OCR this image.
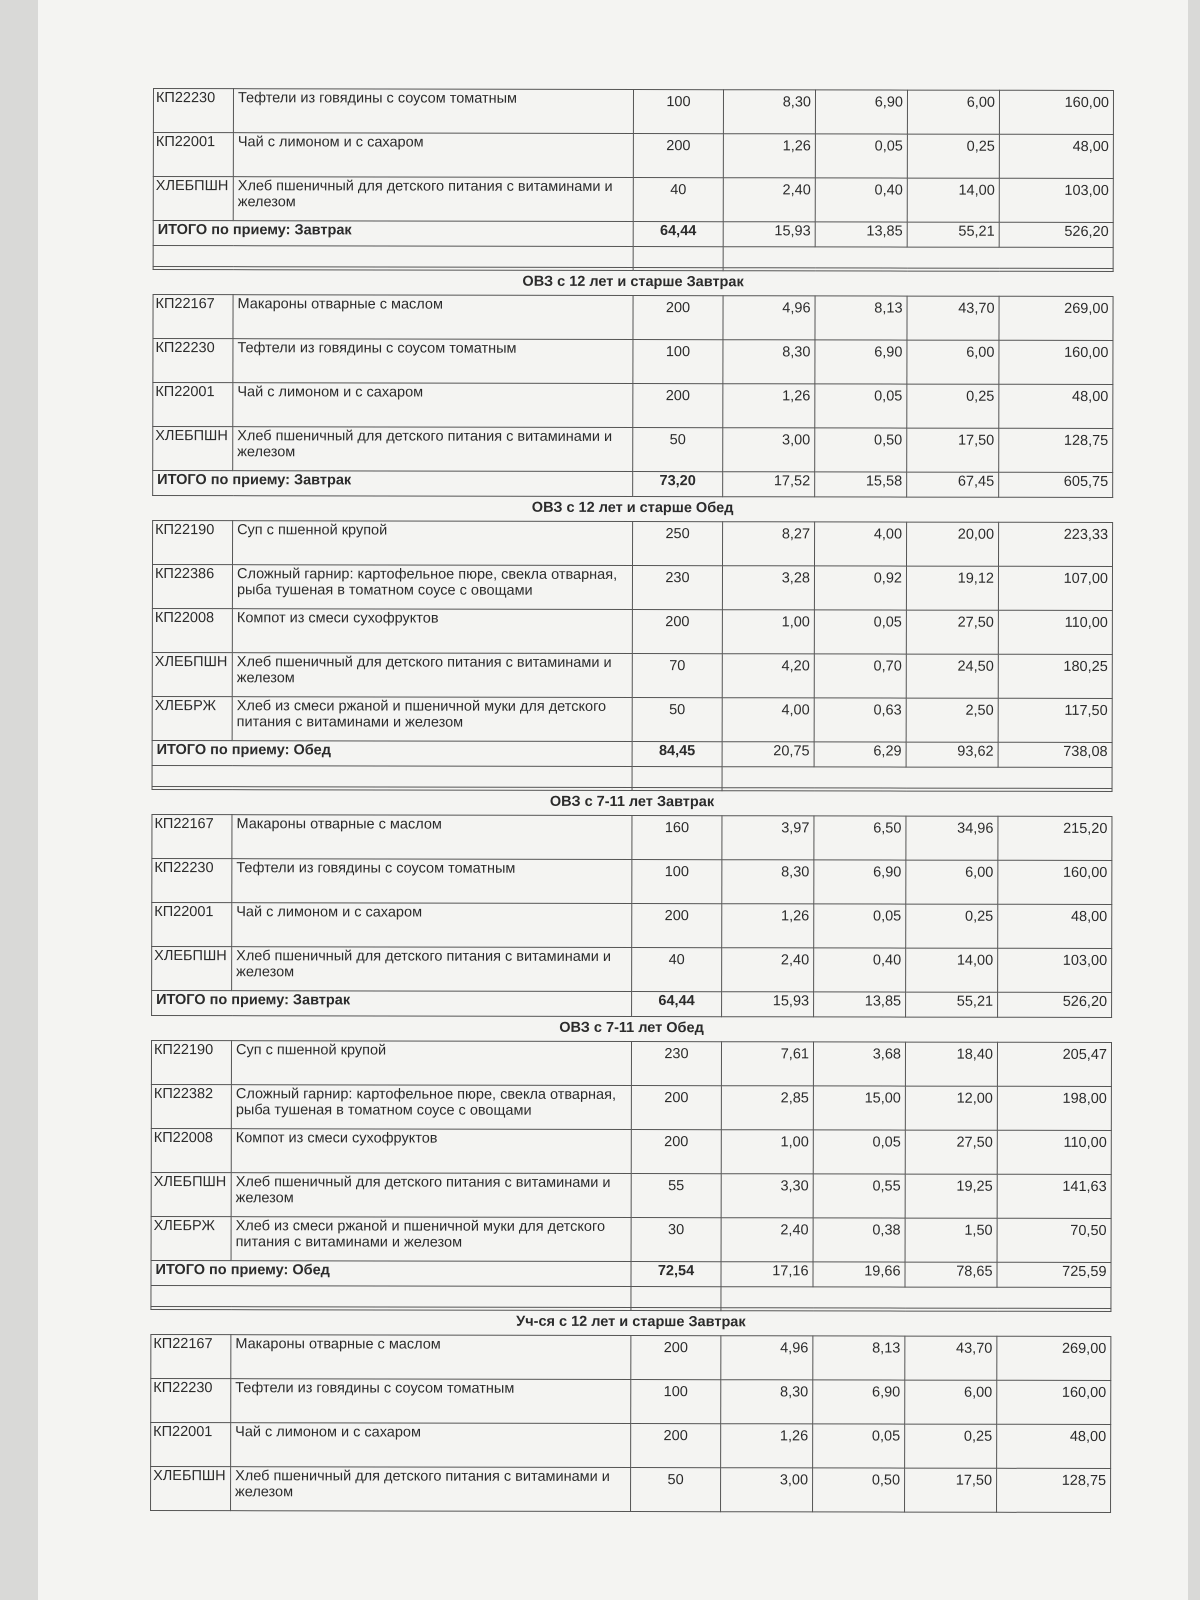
КП22230	Тефтели из говядины с соусом томатным	100	8,30	6,90	6,00	160,00
КП22001	Чай с лимоном и с сахаром	200	1,26	0,05	0,25	48,00
ХЛЕБПШН	Хлеб пшеничный для детского питания с витаминами и железом	40	2,40	0,40	14,00	103,00
ИТОГО по приему: Завтрак		64,44	15,93	13,85	55,21	526,20

ОВЗ с 12 лет и старше Завтрак						
КП22167	Макароны отварные с маслом	200	4,96	8,13	43,70	269,00
КП22230	Тефтели из говядины с соусом томатным	100	8,30	6,90	6,00	160,00
КП22001	Чай с лимоном и с сахаром	200	1,26	0,05	0,25	48,00
ХЛЕБПШН	Хлеб пшеничный для детского питания с витаминами и железом	50	3,00	0,50	17,50	128,75
ИТОГО по приему: Завтрак		73,20	17,52	15,58	67,45	605,75
ОВЗ с 12 лет и старше Обед						
КП22190	Суп с пшенной крупой	250	8,27	4,00	20,00	223,33
КП22386	Сложный гарнир: картофельное пюре, свекла отварная, рыба тушеная в томатном соусе с овощами	230	3,28	0,92	19,12	107,00
КП22008	Компот из смеси сухофруктов	200	1,00	0,05	27,50	110,00
ХЛЕБПШН	Хлеб пшеничный для детского питания с витаминами и железом	70	4,20	0,70	24,50	180,25
ХЛЕБРЖ	Хлеб из смеси ржаной и пшеничной муки для детского питания с витаминами и железом	50	4,00	0,63	2,50	117,50
ИТОГО по приему: Обед		84,45	20,75	6,29	93,62	738,08

ОВЗ с 7-11 лет Завтрак						
КП22167	Макароны отварные с маслом	160	3,97	6,50	34,96	215,20
КП22230	Тефтели из говядины с соусом томатным	100	8,30	6,90	6,00	160,00
КП22001	Чай с лимоном и с сахаром	200	1,26	0,05	0,25	48,00
ХЛЕБПШН	Хлеб пшеничный для детского питания с витаминами и железом	40	2,40	0,40	14,00	103,00
ИТОГО по приему: Завтрак		64,44	15,93	13,85	55,21	526,20
ОВЗ с 7-11 лет Обед						
КП22190	Суп с пшенной крупой	230	7,61	3,68	18,40	205,47
КП22382	Сложный гарнир: картофельное пюре, свекла отварная, рыба тушеная в томатном соусе с овощами	200	2,85	15,00	12,00	198,00
КП22008	Компот из смеси сухофруктов	200	1,00	0,05	27,50	110,00
ХЛЕБПШН	Хлеб пшеничный для детского питания с витаминами и железом	55	3,30	0,55	19,25	141,63
ХЛЕБРЖ	Хлеб из смеси ржаной и пшеничной муки для детского питания с витаминами и железом	30	2,40	0,38	1,50	70,50
ИТОГО по приему: Обед		72,54	17,16	19,66	78,65	725,59

Уч-ся с 12 лет и старше Завтрак						
КП22167	Макароны отварные с маслом	200	4,96	8,13	43,70	269,00
КП22230	Тефтели из говядины с соусом томатным	100	8,30	6,90	6,00	160,00
КП22001	Чай с лимоном и с сахаром	200	1,26	0,05	0,25	48,00
ХЛЕБПШН	Хлеб пшеничный для детского питания с витаминами и железом	50	3,00	0,50	17,50	128,75
